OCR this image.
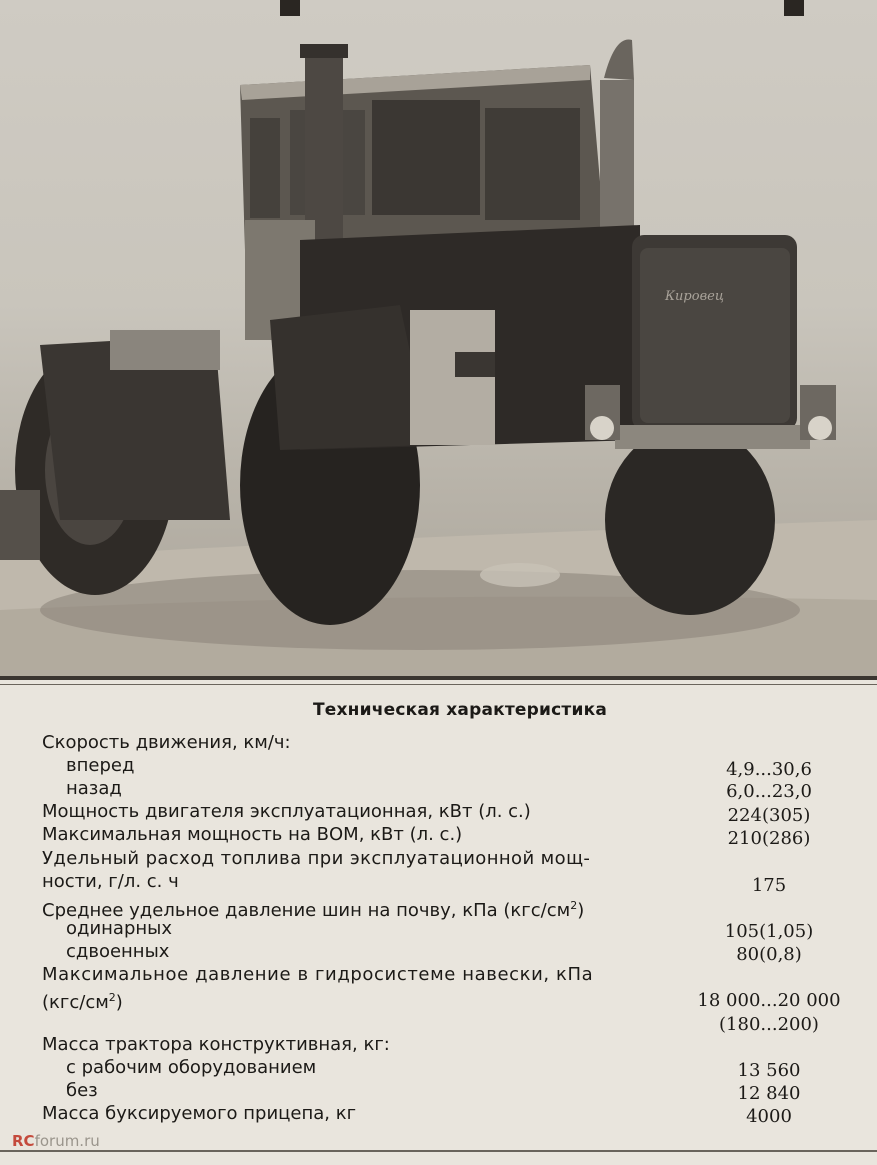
Кировец
Техническая характеристика
Скорость движения, км/ч:
вперед	4,9...30,6
назад	6,0...23,0
Мощность двигателя эксплуатационная, кВт (л. с.)	224(305)
Максимальная мощность на ВОМ, кВт (л. с.)	210(286)
Удельный расход топлива при эксплуатационной мощ-
ности, г/л. с. ч	175
Среднее удельное давление шин на почву, кПа $(кгс/см^2)$
одинарных	105(1,05)
сдвоенных	80(0,8)
Максимальное давление в гидросистеме навески, кПа
$(кгс/см^2)$	18 000...20 000
(180...200)
Масса трактора конструктивная, кг:
с рабочим оборудованием	13 560
без	12 840
Масса буксируемого прицепа, кг	4000
RCforum.ru
